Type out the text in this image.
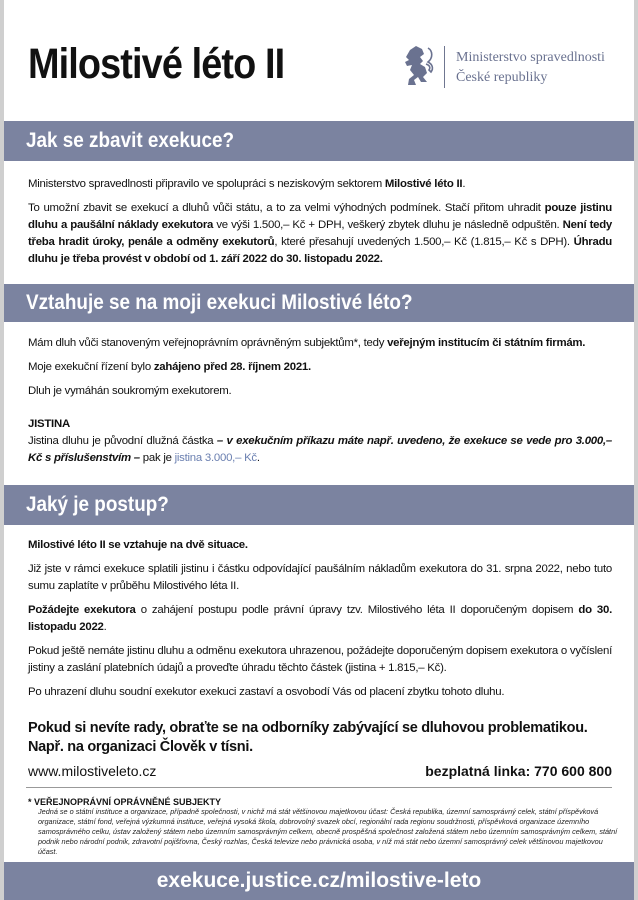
Milostivé léto II	Ministerstvo spravedlnosti
České republiky
Jak se zbavit exekuce?

Ministerstvo spravedlnosti připravilo ve spolupráci s neziskovým sektorem Milostivé léto II.

To umožní zbavit se exekucí a dluhů vůči státu, a to za velmi výhodných podmínek. Stačí přitom uhradit pouze jistinu dluhu a paušální náklady exekutora ve výši 1.500,– Kč + DPH, veškerý zbytek dluhu je následně odpuštěn. Není tedy třeba hradit úroky, penále a odměny exekutorů, které přesahují uvedených 1.500,– Kč (1.815,– Kč s DPH). Úhradu dluhu je třeba provést v období od 1. září 2022 do 30. listopadu 2022.

Vztahuje se na moji exekuci Milostivé léto?

Mám dluh vůči stanoveným veřejnoprávním oprávněným subjektům*, tedy veřejným institucím či státním firmám.

Moje exekuční řízení bylo zahájeno před 28. říjnem 2021.

Dluh je vymáhán soukromým exekutorem.

JISTINA

Jistina dluhu je původní dlužná částka – v exekučním příkazu máte např. uvedeno, že exekuce se vede pro 3.000,– Kč s příslušenstvím – pak je jistina 3.000,– Kč.

Jaký je postup?

Milostivé léto II se vztahuje na dvě situace.

Již jste v rámci exekuce splatili jistinu i částku odpovídající paušálním nákladům exekutora do 31. srpna 2022, nebo tuto sumu zaplatíte v průběhu Milostivého léta II.

Požádejte exekutora o zahájení postupu podle právní úpravy tzv. Milostivého léta II doporučeným dopisem do 30. listopadu 2022.

Pokud ještě nemáte jistinu dluhu a odměnu exekutora uhrazenou, požádejte doporučeným dopisem exekutora o vyčíslení jistiny a zaslání platebních údajů a proveďte úhradu těchto částek (jistina + 1.815,– Kč).

Po uhrazení dluhu soudní exekutor exekuci zastaví a osvobodí Vás od placení zbytku tohoto dluhu.

Pokud si nevíte rady, obraťte se na odborníky zabývající se dluhovou problematikou.
Např. na organizaci Člověk v tísni.
www.milostiveleto.cz	bezplatná linka: 770 600 800
* VEŘEJNOPRÁVNÍ OPRÁVNĚNÉ SUBJEKTY
Jedná se o státní instituce a organizace, případně společnosti, v nichž má stát většinovou majetkovou účast: Česká republika, územní samosprávný celek, státní příspěvková organizace, státní fond, veřejná výzkumná instituce, veřejná vysoká škola, dobrovolný svazek obcí, regionální rada regionu soudržnosti, příspěvková organizace územního samosprávného celku, ústav založený státem nebo územním samosprávným celkem, obecně prospěšná společnost založená státem nebo územním samosprávným celkem, státní podnik nebo národní podnik, zdravotní pojišťovna, Český rozhlas, Česká televize nebo právnická osoba, v níž má stát nebo územní samosprávný celek většinovou majetkovou účast.
exekuce.justice.cz/milostive-leto
